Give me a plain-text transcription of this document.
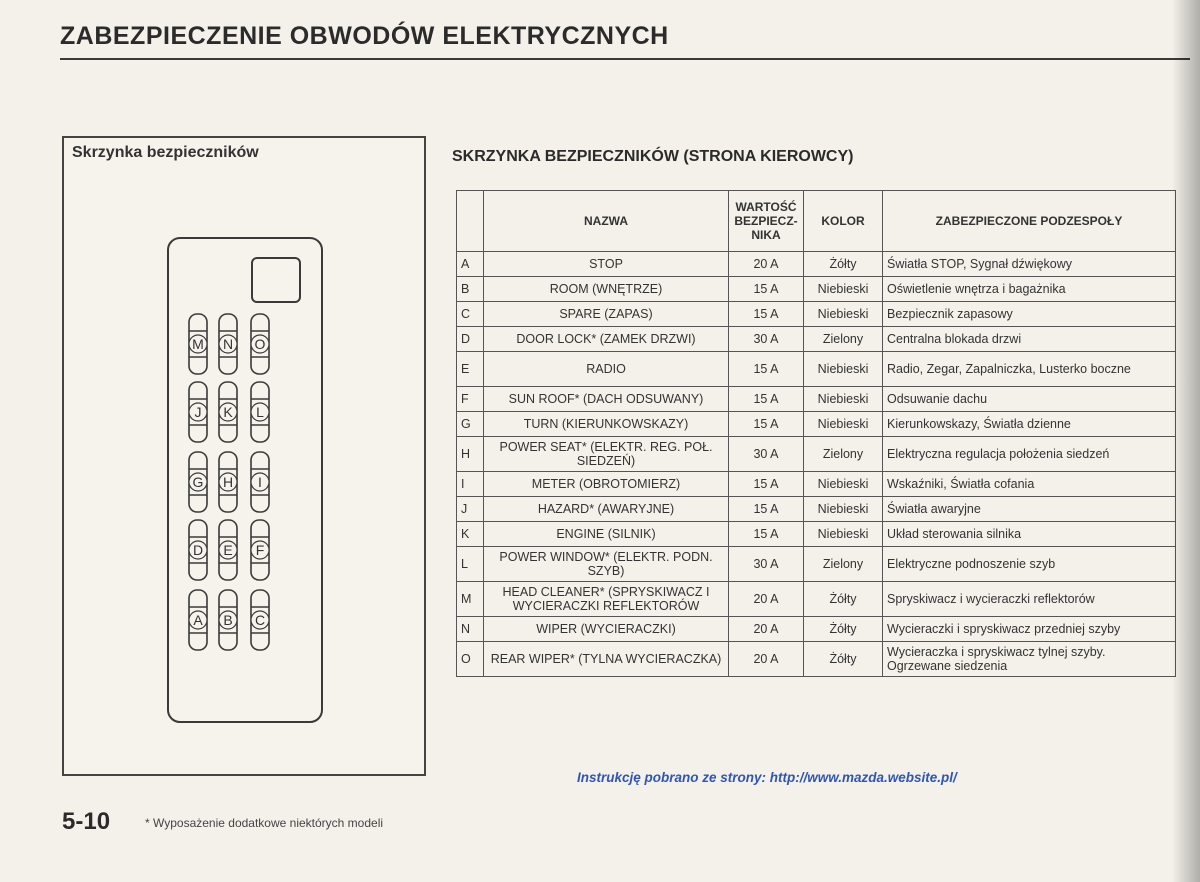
ZABEZPIECZENIE OBWODÓW ELEKTRYCZNYCH
Skrzynka bezpieczników
M N O
J K L
G H I
D E F
A B C
SKRZYNKA BEZPIECZNIKÓW (STRONA KIEROWCY)
	NAZWA	WARTOŚĆ BEZPIECZ-NIKA	KOLOR	ZABEZPIECZONE PODZESPOŁY
A	STOP	20 A	Żółty	Światła STOP, Sygnał dźwiękowy
B	ROOM (WNĘTRZE)	15 A	Niebieski	Oświetlenie wnętrza i bagażnika
C	SPARE (ZAPAS)	15 A	Niebieski	Bezpiecznik zapasowy
D	DOOR LOCK* (ZAMEK DRZWI)	30 A	Zielony	Centralna blokada drzwi
E	RADIO	15 A	Niebieski	Radio, Zegar, Zapalniczka, Lusterko boczne
F	SUN ROOF* (DACH ODSUWANY)	15 A	Niebieski	Odsuwanie dachu
G	TURN (KIERUNKOWSKAZY)	15 A	Niebieski	Kierunkowskazy, Światła dzienne
H	POWER SEAT* (ELEKTR. REG. POŁ. SIEDZEŃ)	30 A	Zielony	Elektryczna regulacja położenia siedzeń
I	METER (OBROTOMIERZ)	15 A	Niebieski	Wskaźniki, Światła cofania
J	HAZARD* (AWARYJNE)	15 A	Niebieski	Światła awaryjne
K	ENGINE (SILNIK)	15 A	Niebieski	Układ sterowania silnika
L	POWER WINDOW* (ELEKTR. PODN. SZYB)	30 A	Zielony	Elektryczne podnoszenie szyb
M	HEAD CLEANER* (SPRYSKIWACZ I WYCIERACZKI REFLEKTORÓW	20 A	Żółty	Spryskiwacz i wycieraczki reflektorów
N	WIPER (WYCIERACZKI)	20 A	Żółty	Wycieraczki i spryskiwacz przedniej szyby
O	REAR WIPER* (TYLNA WYCIERACZKA)	20 A	Żółty	Wycieraczka i spryskiwacz tylnej szyby. Ogrzewane siedzenia
Instrukcję pobrano ze strony: http://www.mazda.website.pl/
5-10	* Wyposażenie dodatkowe niektórych modeli
